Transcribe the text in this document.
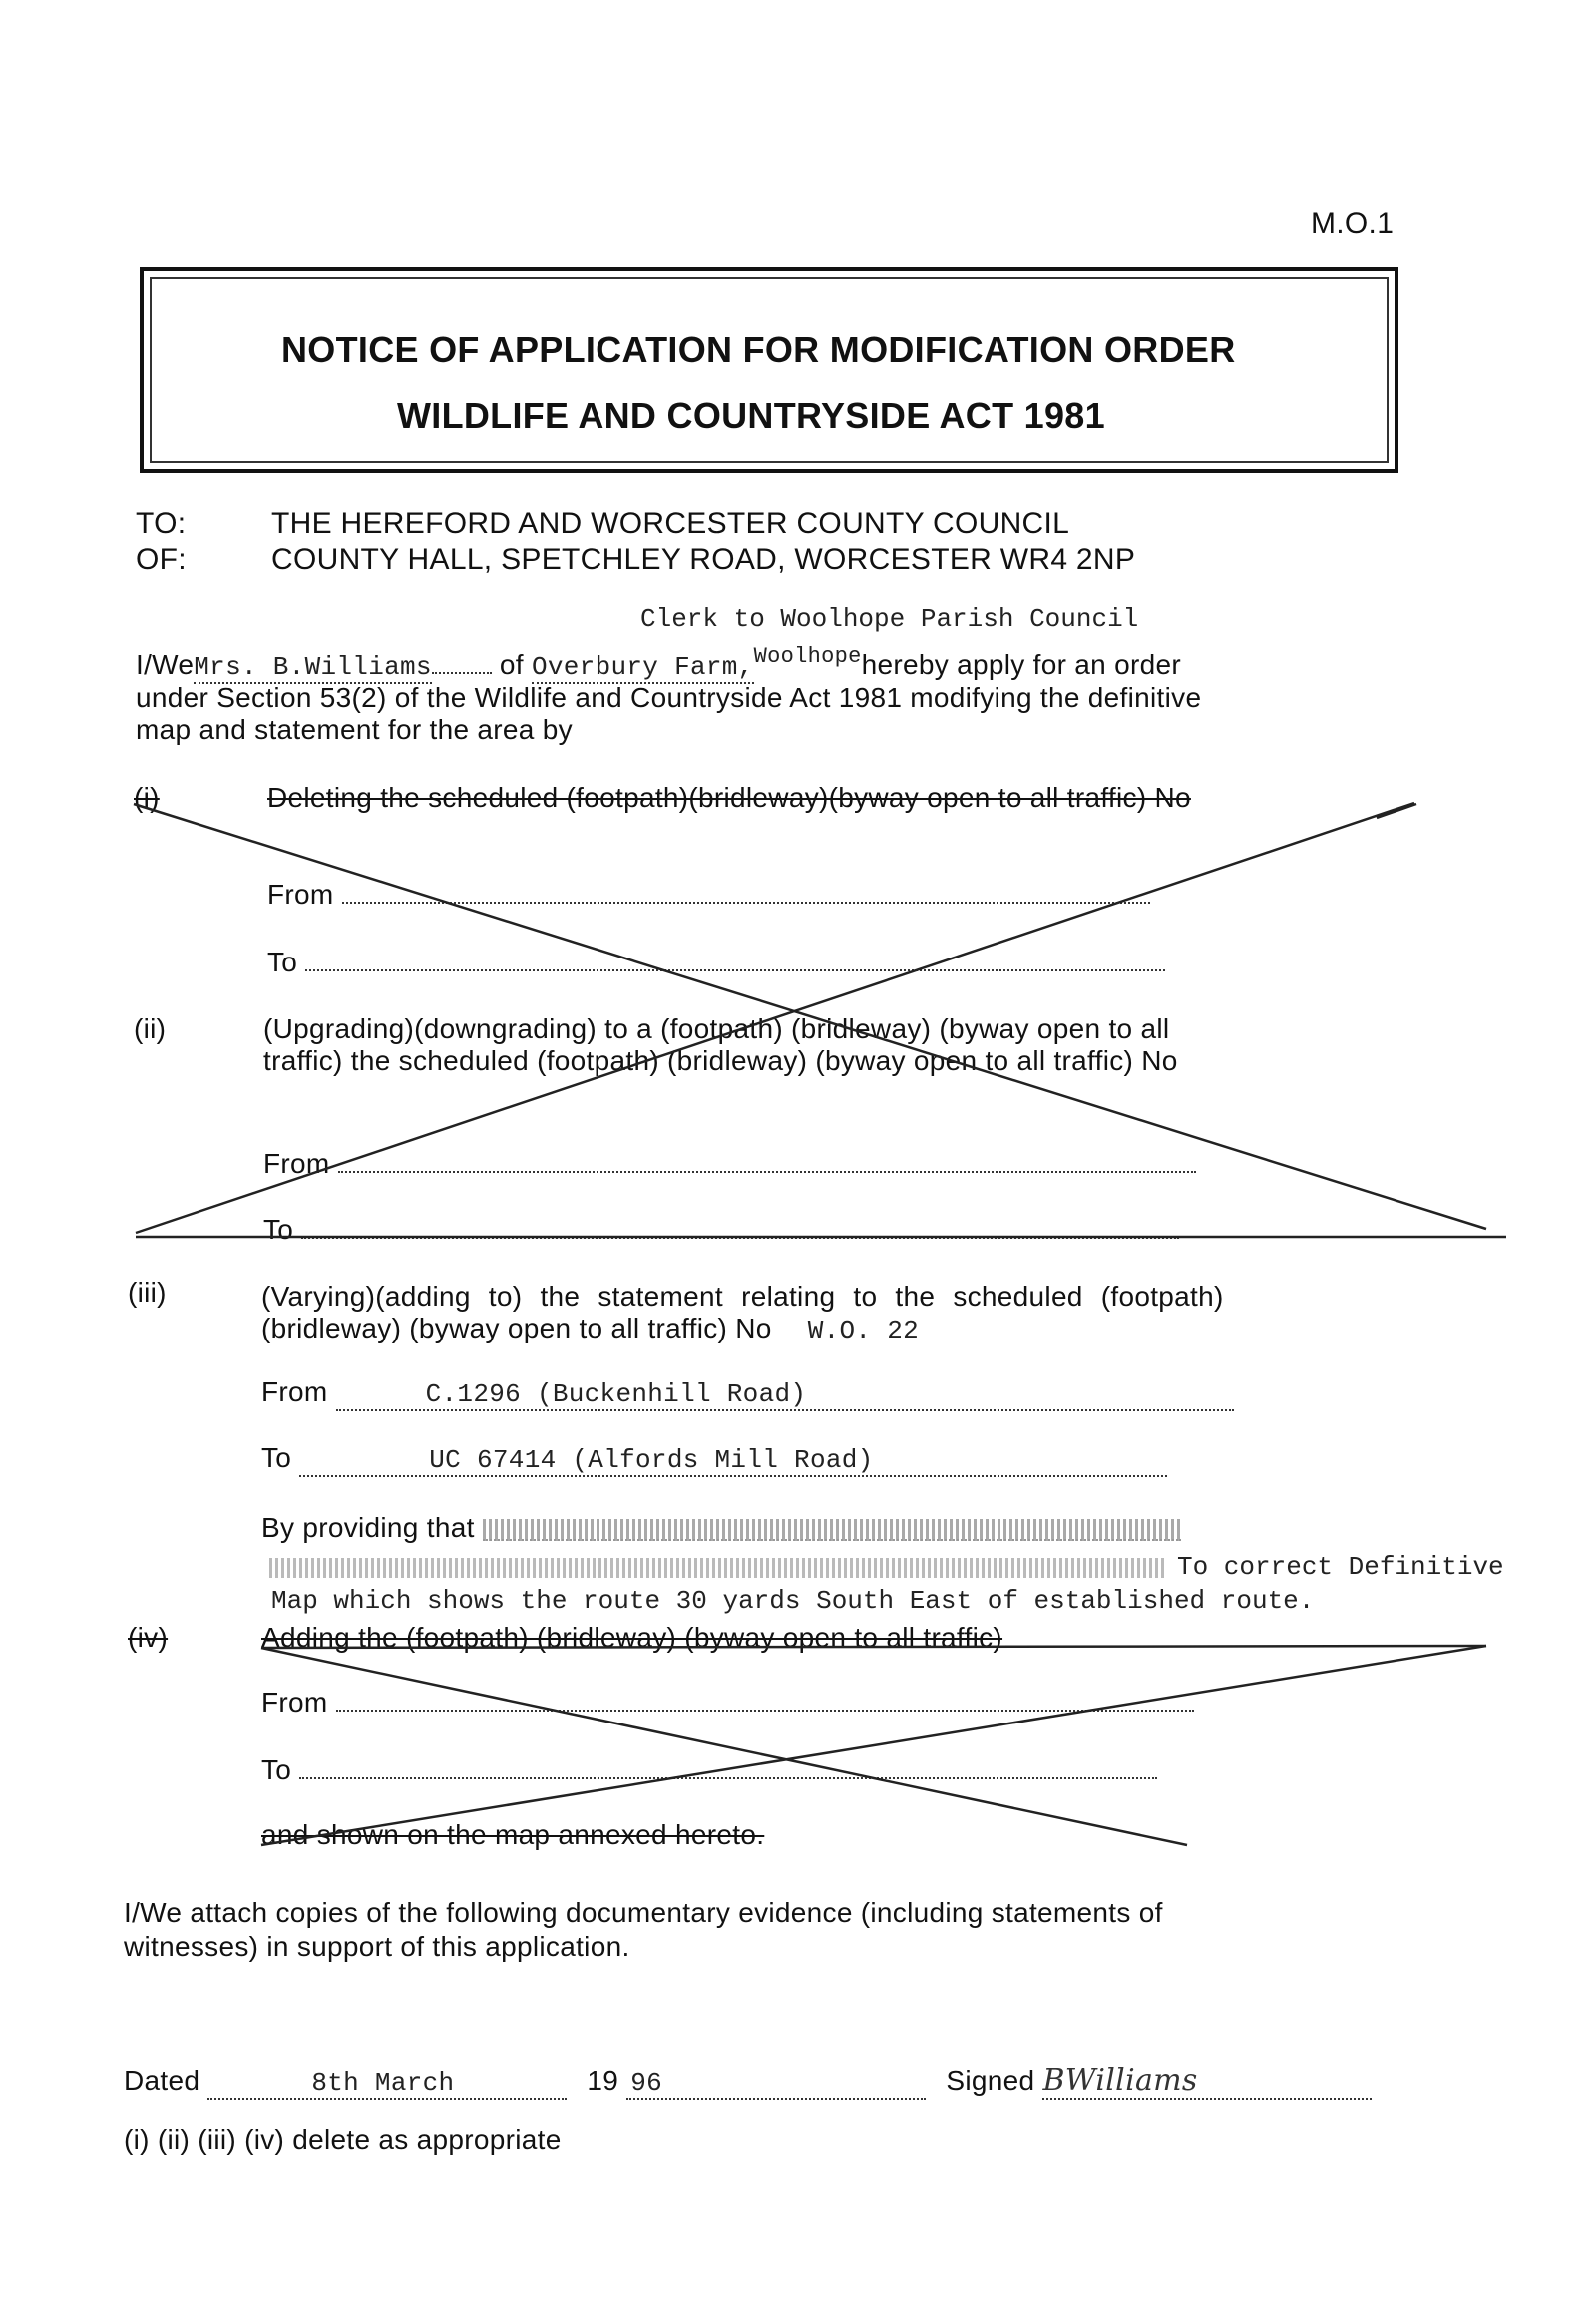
M.O.1
NOTICE OF APPLICATION FOR MODIFICATION ORDER
WILDLIFE AND COUNTRYSIDE ACT 1981
TO:	THE HEREFORD AND WORCESTER COUNTY COUNCIL
OF:	COUNTY HALL, SPETCHLEY ROAD, WORCESTER WR4 2NP
Clerk to Woolhope Parish Council
I/WeMrs. B.Williams of Overbury Farm,$^{Woolhope}$hereby apply for an order
under Section 53(2) of the Wildlife and Countryside Act 1981 modifying the definitive
map and statement for the area by
(i)	Deleting the scheduled (footpath)(bridleway)(byway open to all traffic) No
From
To
(ii)	(Upgrading)(downgrading) to a (footpath) (bridleway) (byway open to all
traffic) the scheduled (footpath) (bridleway) (byway open to all traffic) No
From
To
(iii)	(Varying)(adding to) the statement relating to the scheduled (footpath)
(bridleway) (byway open to all traffic) No W.O. 22
From	C.1296 (Buckenhill Road)
To	UC 67414 (Alfords Mill Road)
By providing that
To correct Definitive
Map which shows the route 30 yards South East of established route.
(iv)	Adding the (footpath) (bridleway) (byway open to all traffic)
From
To
and shown on the map annexed hereto.
I/We attach copies of the following documentary evidence (including statements of
witnesses) in support of this application.
Dated	8th March	19 96	Signed BWilliams
(i) (ii) (iii) (iv) delete as appropriate
